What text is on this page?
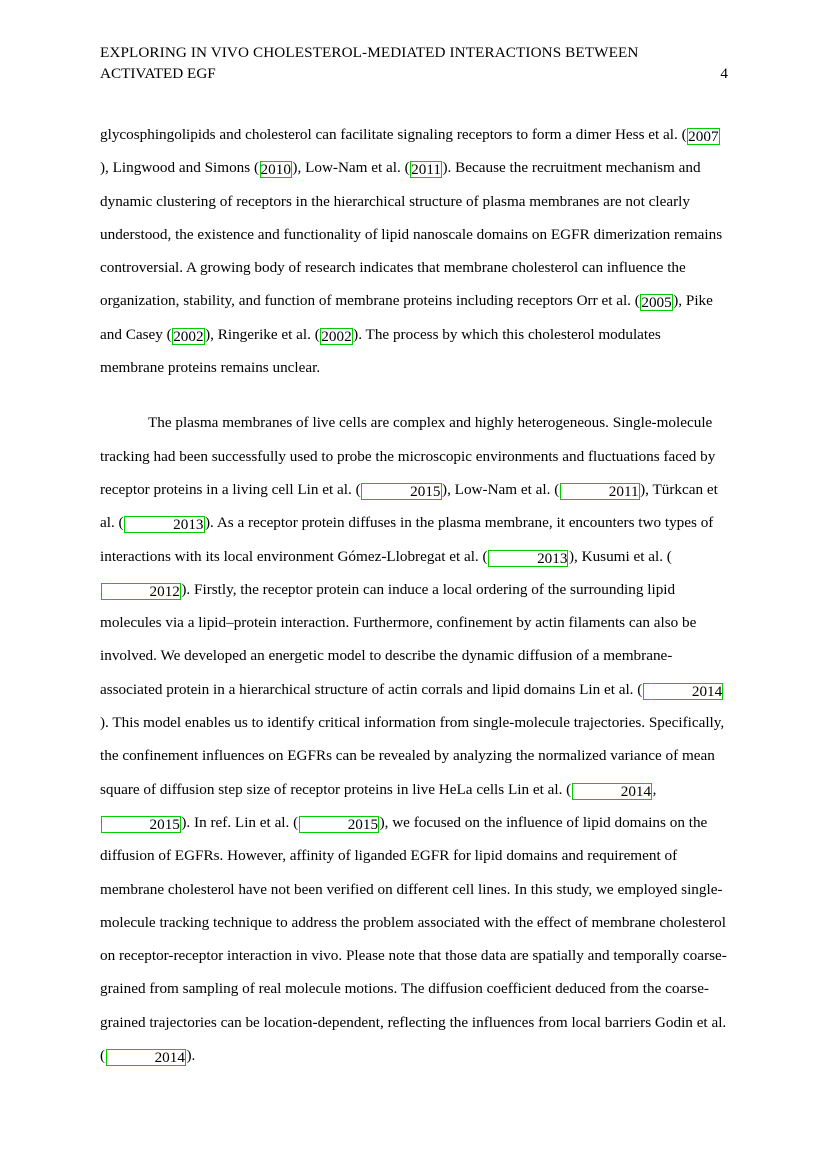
EXPLORING IN VIVO CHOLESTEROL-MEDIATED INTERACTIONS BETWEEN
ACTIVATED EGF	4

glycosphingolipids and cholesterol can facilitate signaling receptors to form a dimer Hess et al. (2007), Lingwood and Simons (2010), Low-Nam et al. (2011). Because the recruitment mechanism and dynamic clustering of receptors in the hierarchical structure of plasma membranes are not clearly understood, the existence and functionality of lipid nanoscale domains on EGFR dimerization remains controversial. A growing body of research indicates that membrane cholesterol can influence the organization, stability, and function of membrane proteins including receptors Orr et al. (2005), Pike and Casey (2002), Ringerike et al. (2002). The process by which this cholesterol modulates membrane proteins remains unclear.

The plasma membranes of live cells are complex and highly heterogeneous. Single-molecule tracking had been successfully used to probe the microscopic environments and fluctuations faced by receptor proteins in a living cell Lin et al. (	2015), Low-Nam et al. (	2011), Türkcan et al. (	2013). As a receptor protein diffuses in the plasma membrane, it encounters two types of interactions with its local environment Gómez-Llobregat et al. (	2013), Kusumi et al. (2012). Firstly, the receptor protein can induce a local ordering of the surrounding lipid molecules via a lipid–protein interaction. Furthermore, confinement by actin filaments can also be involved. We developed an energetic model to describe the dynamic diffusion of a membrane-associated protein in a hierarchical structure of actin corrals and lipid domains Lin et al. (	2014). This model enables us to identify critical information from single-molecule trajectories. Specifically, the confinement influences on EGFRs can be revealed by analyzing the normalized variance of mean square of diffusion step size of receptor proteins in live HeLa cells Lin et al. (	2014, 2015). In ref. Lin et al. (	2015), we focused on the influence of lipid domains on the diffusion of EGFRs. However, affinity of liganded EGFR for lipid domains and requirement of membrane cholesterol have not been verified on different cell lines. In this study, we employed single-molecule tracking technique to address the problem associated with the effect of membrane cholesterol on receptor-receptor interaction in vivo. Please note that those data are spatially and temporally coarse-grained from sampling of real molecule motions. The diffusion coefficient deduced from the coarse-grained trajectories can be location-dependent, reflecting the influences from local barriers Godin et al. (	2014).
